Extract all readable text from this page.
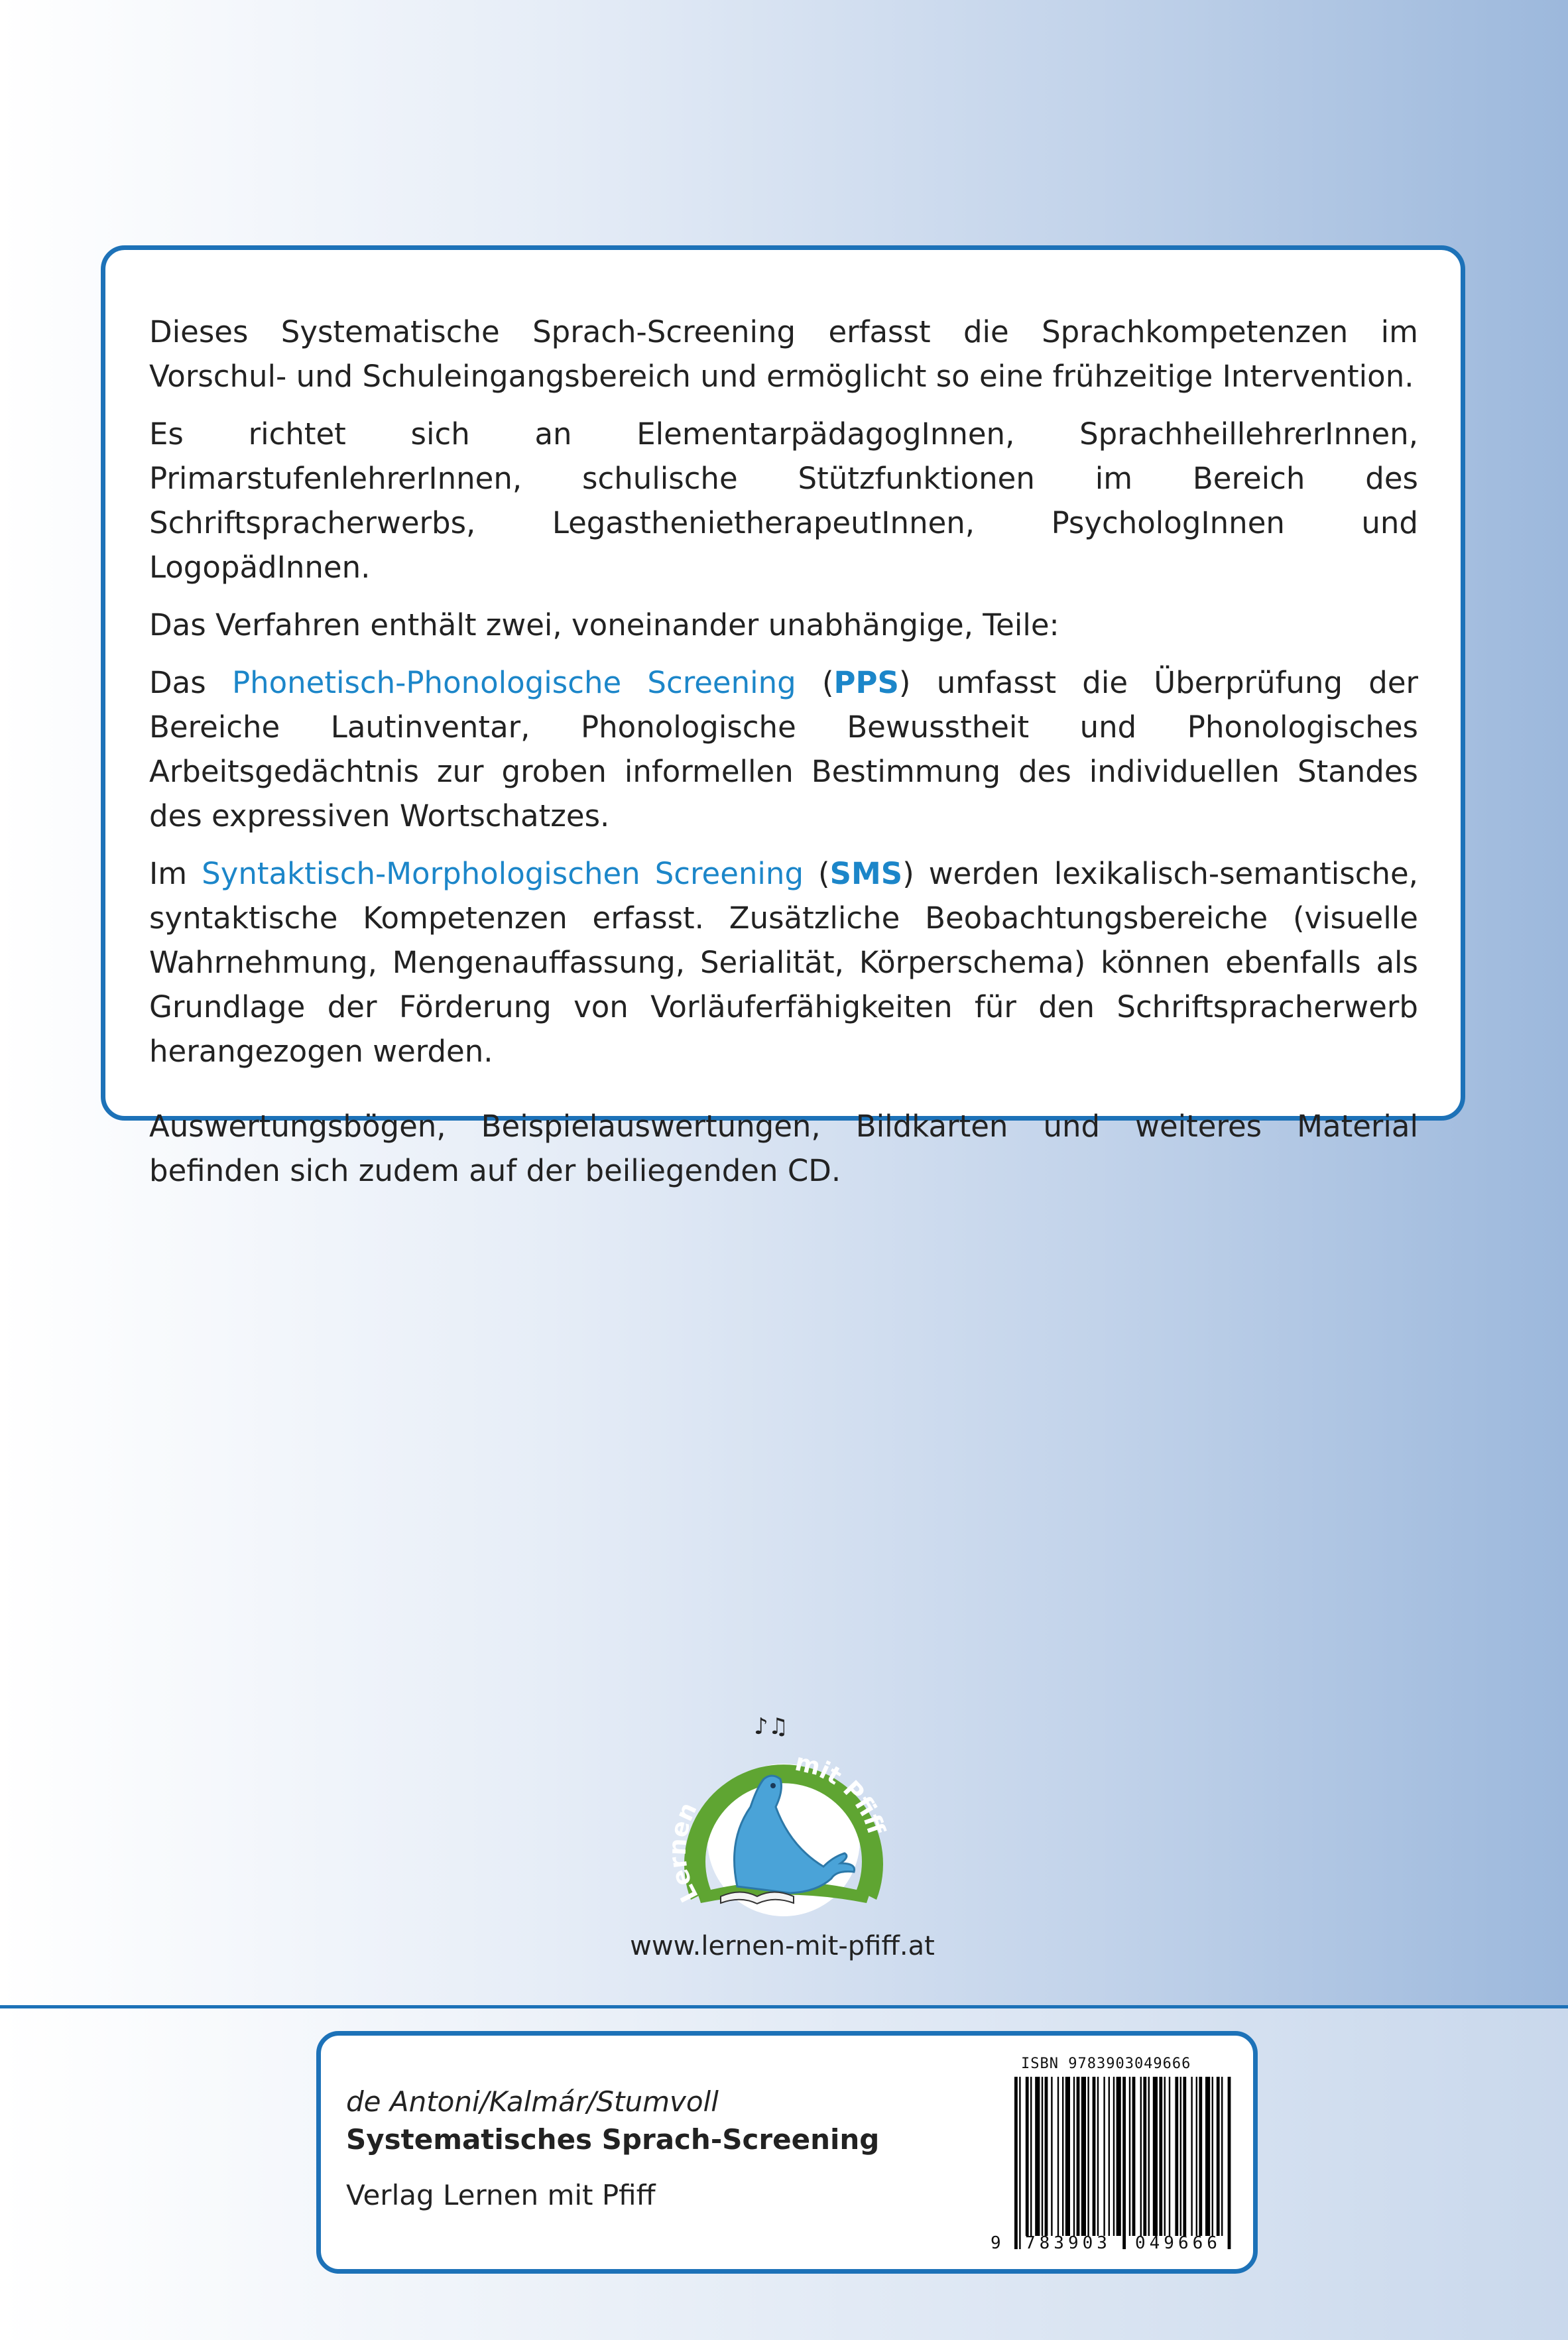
Dieses Systematische Sprach-Screening erfasst die Sprachkompetenzen im Vorschul- und Schuleingangsbereich und ermöglicht so eine frühzeitige Intervention.

Es richtet sich an ElementarpädagogInnen, SprachheillehrerInnen, PrimarstufenlehrerInnen, schulische Stützfunktionen im Bereich des Schriftspracherwerbs, LegasthenietherapeutInnen, PsychologInnen und LogopädInnen.

Das Verfahren enthält zwei, voneinander unabhängige, Teile:

Das Phonetisch-Phonologische Screening (PPS) umfasst die Überprüfung der Bereiche Lautinventar, Phonologische Bewusstheit und Phonologisches Arbeitsgedächtnis zur groben informellen Bestimmung des individuellen Standes des expressiven Wortschatzes.

Im Syntaktisch-Morphologischen Screening (SMS) werden lexikalisch-semantische, syntaktische Kompetenzen erfasst. Zusätzliche Beobachtungsbereiche (visuelle Wahrnehmung, Mengenauffassung, Serialität, Körperschema) können ebenfalls als Grundlage der Förderung von Vorläuferfähigkeiten für den Schriftspracherwerb herangezogen werden.

Auswertungsbögen, Beispielauswertungen, Bildkarten und weiteres Material befinden sich zudem auf der beiliegenden CD.

♪♫
Lernen
mit Pfiff
www.lernen-mit-pfiff.at
de Antoni/Kalmár/Stumvoll
Systematisches Sprach-Screening
Verlag Lernen mit Pfiff
ISBN 9783903049666
9 783903 049666
